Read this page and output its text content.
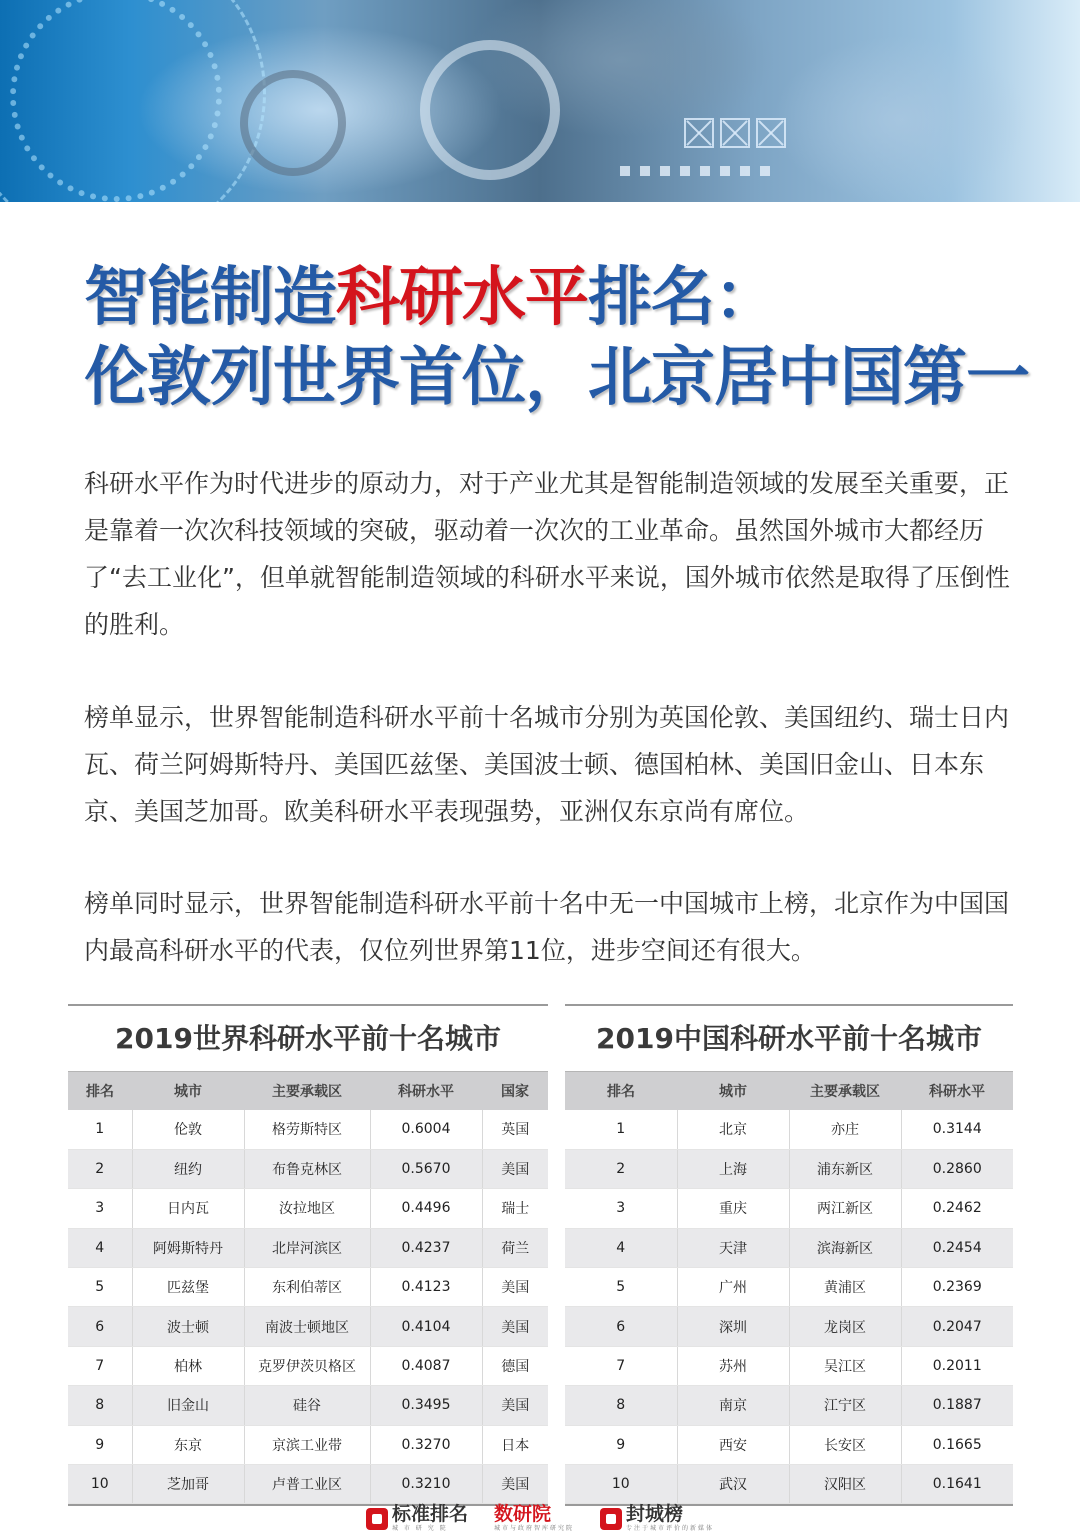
智能制造科研水平排名：
伦敦列世界首位，北京居中国第一

科研水平作为时代进步的原动力，对于产业尤其是智能制造领域的发展至关重要，正是靠着一次次科技领域的突破，驱动着一次次的工业革命。虽然国外城市大都经历了“去工业化”，但单就智能制造领域的科研水平来说，国外城市依然是取得了压倒性的胜利。

榜单显示，世界智能制造科研水平前十名城市分别为英国伦敦、美国纽约、瑞士日内瓦、荷兰阿姆斯特丹、美国匹兹堡、美国波士顿、德国柏林、美国旧金山、日本东京、美国芝加哥。欧美科研水平表现强势，亚洲仅东京尚有席位。

榜单同时显示，世界智能制造科研水平前十名中无一中国城市上榜，北京作为中国国内最高科研水平的代表，仅位列世界第11位，进步空间还有很大。

2019世界科研水平前十名城市
排名	城市	主要承载区	科研水平	国家
1	伦敦	格劳斯特区	0.6004	英国
2	纽约	布鲁克林区	0.5670	美国
3	日内瓦	汝拉地区	0.4496	瑞士
4	阿姆斯特丹	北岸河滨区	0.4237	荷兰
5	匹兹堡	东利伯蒂区	0.4123	美国
6	波士顿	南波士顿地区	0.4104	美国
7	柏林	克罗伊茨贝格区	0.4087	德国
8	旧金山	硅谷	0.3495	美国
9	东京	京滨工业带	0.3270	日本
10	芝加哥	卢普工业区	0.3210	美国
2019中国科研水平前十名城市
排名	城市	主要承载区	科研水平
1	北京	亦庄	0.3144
2	上海	浦东新区	0.2860
3	重庆	两江新区	0.2462
4	天津	滨海新区	0.2454
5	广州	黄浦区	0.2369
6	深圳	龙岗区	0.2047
7	苏州	吴江区	0.2011
8	南京	江宁区	0.1887
9	西安	长安区	0.1665
10	武汉	汉阳区	0.1641
标准排名
城 市 研 究 院
数研院
城市与政府智库研究院
封城榜
专注于城市评价的新媒体
